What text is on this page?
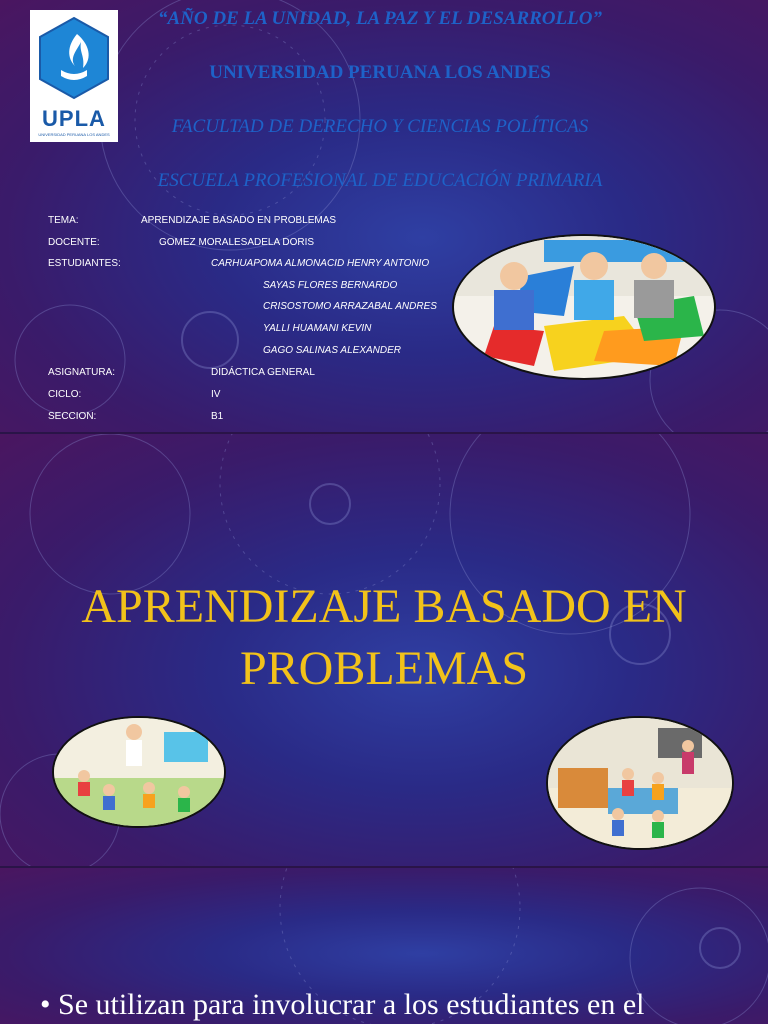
UPLA
UNIVERSIDAD PERUANA LOS ANDES
“AÑO DE LA UNIDAD, LA PAZ Y EL DESARROLLO”
UNIVERSIDAD PERUANA LOS ANDES
FACULTAD DE DERECHO Y CIENCIAS POLÍTICAS
ESCUELA PROFESIONAL DE EDUCACIÓN PRIMARIA
TEMA:	APRENDIZAJE BASADO EN PROBLEMAS
DOCENTE:	GOMEZ MORALESADELA DORIS
ESTUDIANTES:	CARHUAPOMA ALMONACID HENRY ANTONIO
SAYAS FLORES BERNARDO
CRISOSTOMO ARRAZABAL ANDRES
YALLI HUAMANI KEVIN
GAGO SALINAS ALEXANDER
ASIGNATURA:	DIDÁCTICA GENERAL
CICLO:	IV
SECCION:	B1
APRENDIZAJE BASADO EN
PROBLEMAS
• Se utilizan para involucrar a los estudiantes en el
